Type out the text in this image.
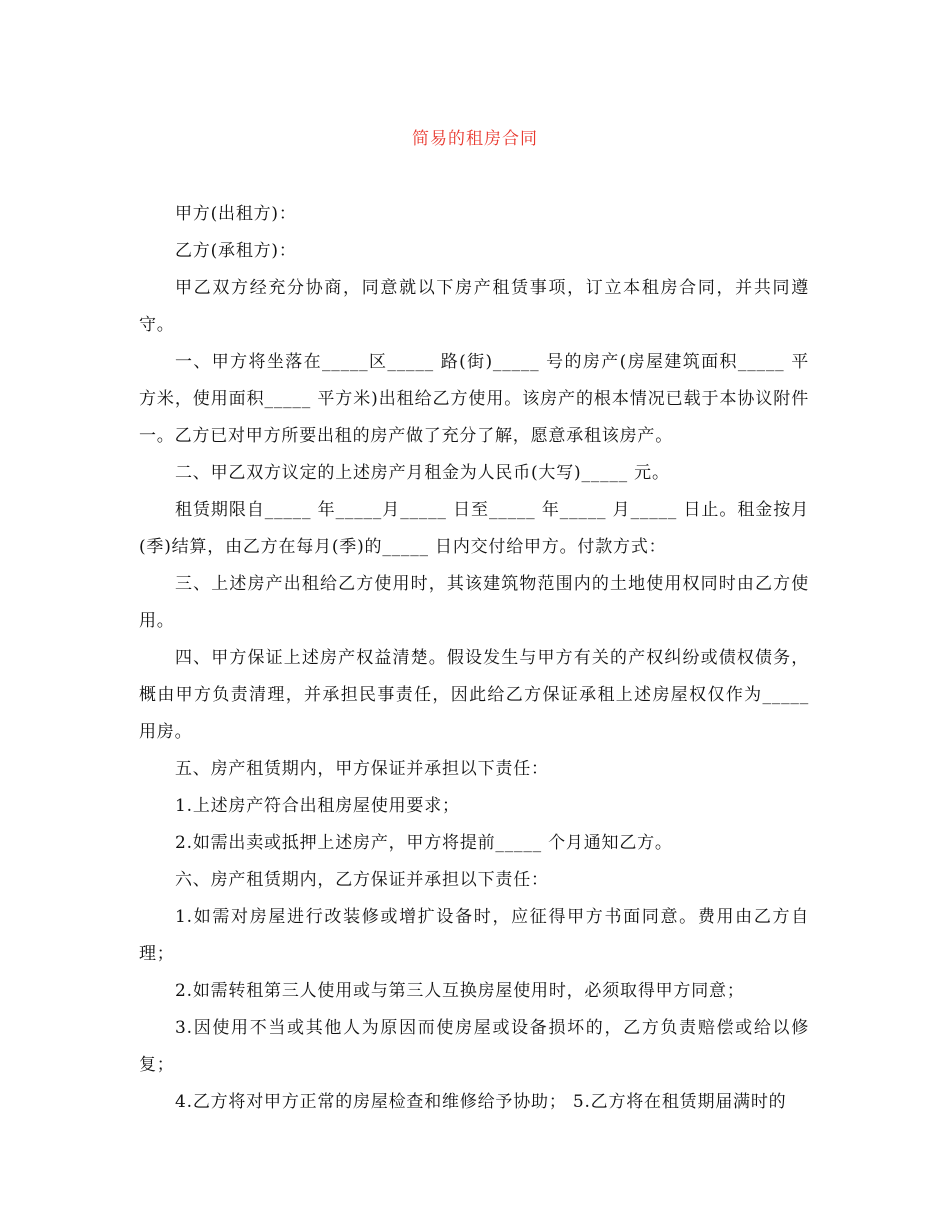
简易的租房合同

甲方(出租方)：

乙方(承租方)：

甲乙双方经充分协商，同意就以下房产租赁事项，订立本租房合同，并共同遵守。

一、甲方将坐落在_____区_____ 路(街)_____ 号的房产(房屋建筑面积_____ 平方米，使用面积_____ 平方米)出租给乙方使用。该房产的根本情况已载于本协议附件一。乙方已对甲方所要出租的房产做了充分了解，愿意承租该房产。

二、甲乙双方议定的上述房产月租金为人民币(大写)_____ 元。

租赁期限自_____ 年_____月_____ 日至_____ 年_____ 月_____ 日止。租金按月(季)结算，由乙方在每月(季)的_____ 日内交付给甲方。付款方式：

三、上述房产出租给乙方使用时，其该建筑物范围内的土地使用权同时由乙方使用。

四、甲方保证上述房产权益清楚。假设发生与甲方有关的产权纠纷或债权债务，概由甲方负责清理，并承担民事责任，因此给乙方保证承租上述房屋权仅作为_____ 用房。

五、房产租赁期内，甲方保证并承担以下责任：

1.上述房产符合出租房屋使用要求；

2.如需出卖或抵押上述房产，甲方将提前_____ 个月通知乙方。

六、房产租赁期内，乙方保证并承担以下责任：

1.如需对房屋进行改装修或增扩设备时，应征得甲方书面同意。费用由乙方自理；

2.如需转租第三人使用或与第三人互换房屋使用时，必须取得甲方同意；

3.因使用不当或其他人为原因而使房屋或设备损坏的，乙方负责赔偿或给以修复；

4.乙方将对甲方正常的房屋检查和维修给予协助； 5.乙方将在租赁期届满时的
